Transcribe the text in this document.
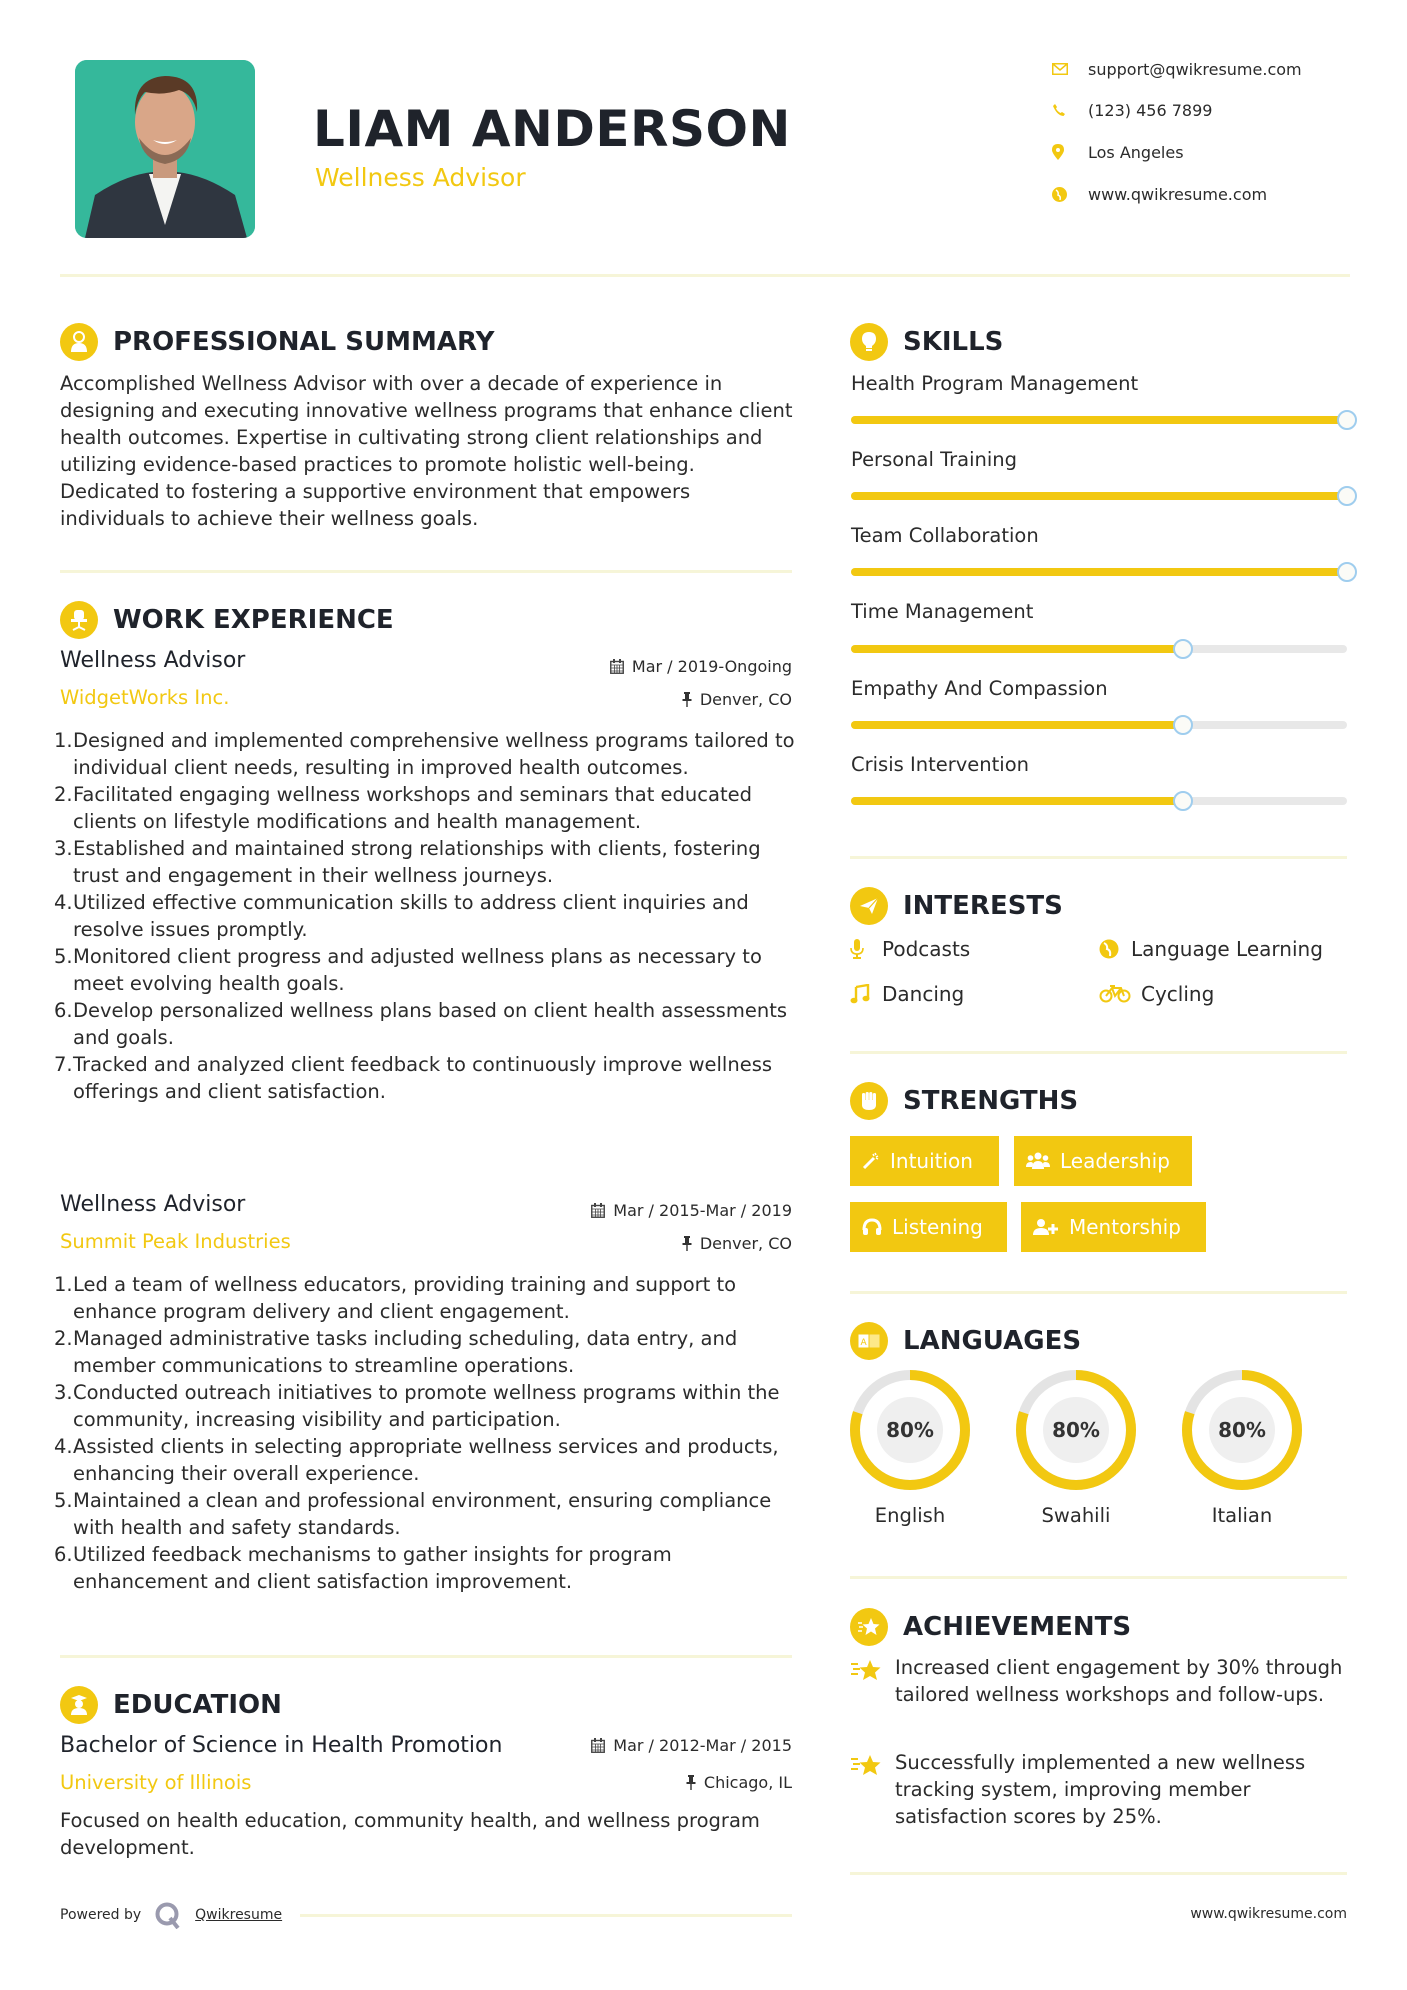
LIAM ANDERSON
Wellness Advisor
support@qwikresume.com
(123) 456 7899
Los Angeles
www.qwikresume.com
PROFESSIONAL SUMMARY
Accomplished Wellness Advisor with over a decade of experience in designing and executing innovative wellness programs that enhance client health outcomes. Expertise in cultivating strong client relationships and utilizing evidence-based practices to promote holistic well-being. Dedicated to fostering a supportive environment that empowers individuals to achieve their wellness goals.
WORK EXPERIENCE
Wellness Advisor	Mar / 2019-Ongoing
WidgetWorks Inc.	Denver, CO
1. Designed and implemented comprehensive wellness programs tailored to individual client needs, resulting in improved health outcomes.
2. Facilitated engaging wellness workshops and seminars that educated clients on lifestyle modifications and health management.
3. Established and maintained strong relationships with clients, fostering trust and engagement in their wellness journeys.
4. Utilized effective communication skills to address client inquiries and resolve issues promptly.
5. Monitored client progress and adjusted wellness plans as necessary to meet evolving health goals.
6. Develop personalized wellness plans based on client health assessments and goals.
7. Tracked and analyzed client feedback to continuously improve wellness offerings and client satisfaction.
Wellness Advisor	Mar / 2015-Mar / 2019
Summit Peak Industries	Denver, CO
1. Led a team of wellness educators, providing training and support to enhance program delivery and client engagement.
2. Managed administrative tasks including scheduling, data entry, and member communications to streamline operations.
3. Conducted outreach initiatives to promote wellness programs within the community, increasing visibility and participation.
4. Assisted clients in selecting appropriate wellness services and products, enhancing their overall experience.
5. Maintained a clean and professional environment, ensuring compliance with health and safety standards.
6. Utilized feedback mechanisms to gather insights for program enhancement and client satisfaction improvement.
EDUCATION
Bachelor of Science in Health Promotion	Mar / 2012-Mar / 2015
University of Illinois	Chicago, IL
Focused on health education, community health, and wellness program development.
Powered by	Qwikresume
SKILLS
Health Program Management
Personal Training
Team Collaboration
Time Management
Empathy And Compassion
Crisis Intervention
INTERESTS
Podcasts	Language Learning
Dancing	Cycling
STRENGTHS
Intuition	Leadership
Listening	Mentorship
A LANGUAGES
80%
English
80%
Swahili
80%
Italian
ACHIEVEMENTS
Increased client engagement by 30% through tailored wellness workshops and follow-ups.
Successfully implemented a new wellness tracking system, improving member satisfaction scores by 25%.
www.qwikresume.com
